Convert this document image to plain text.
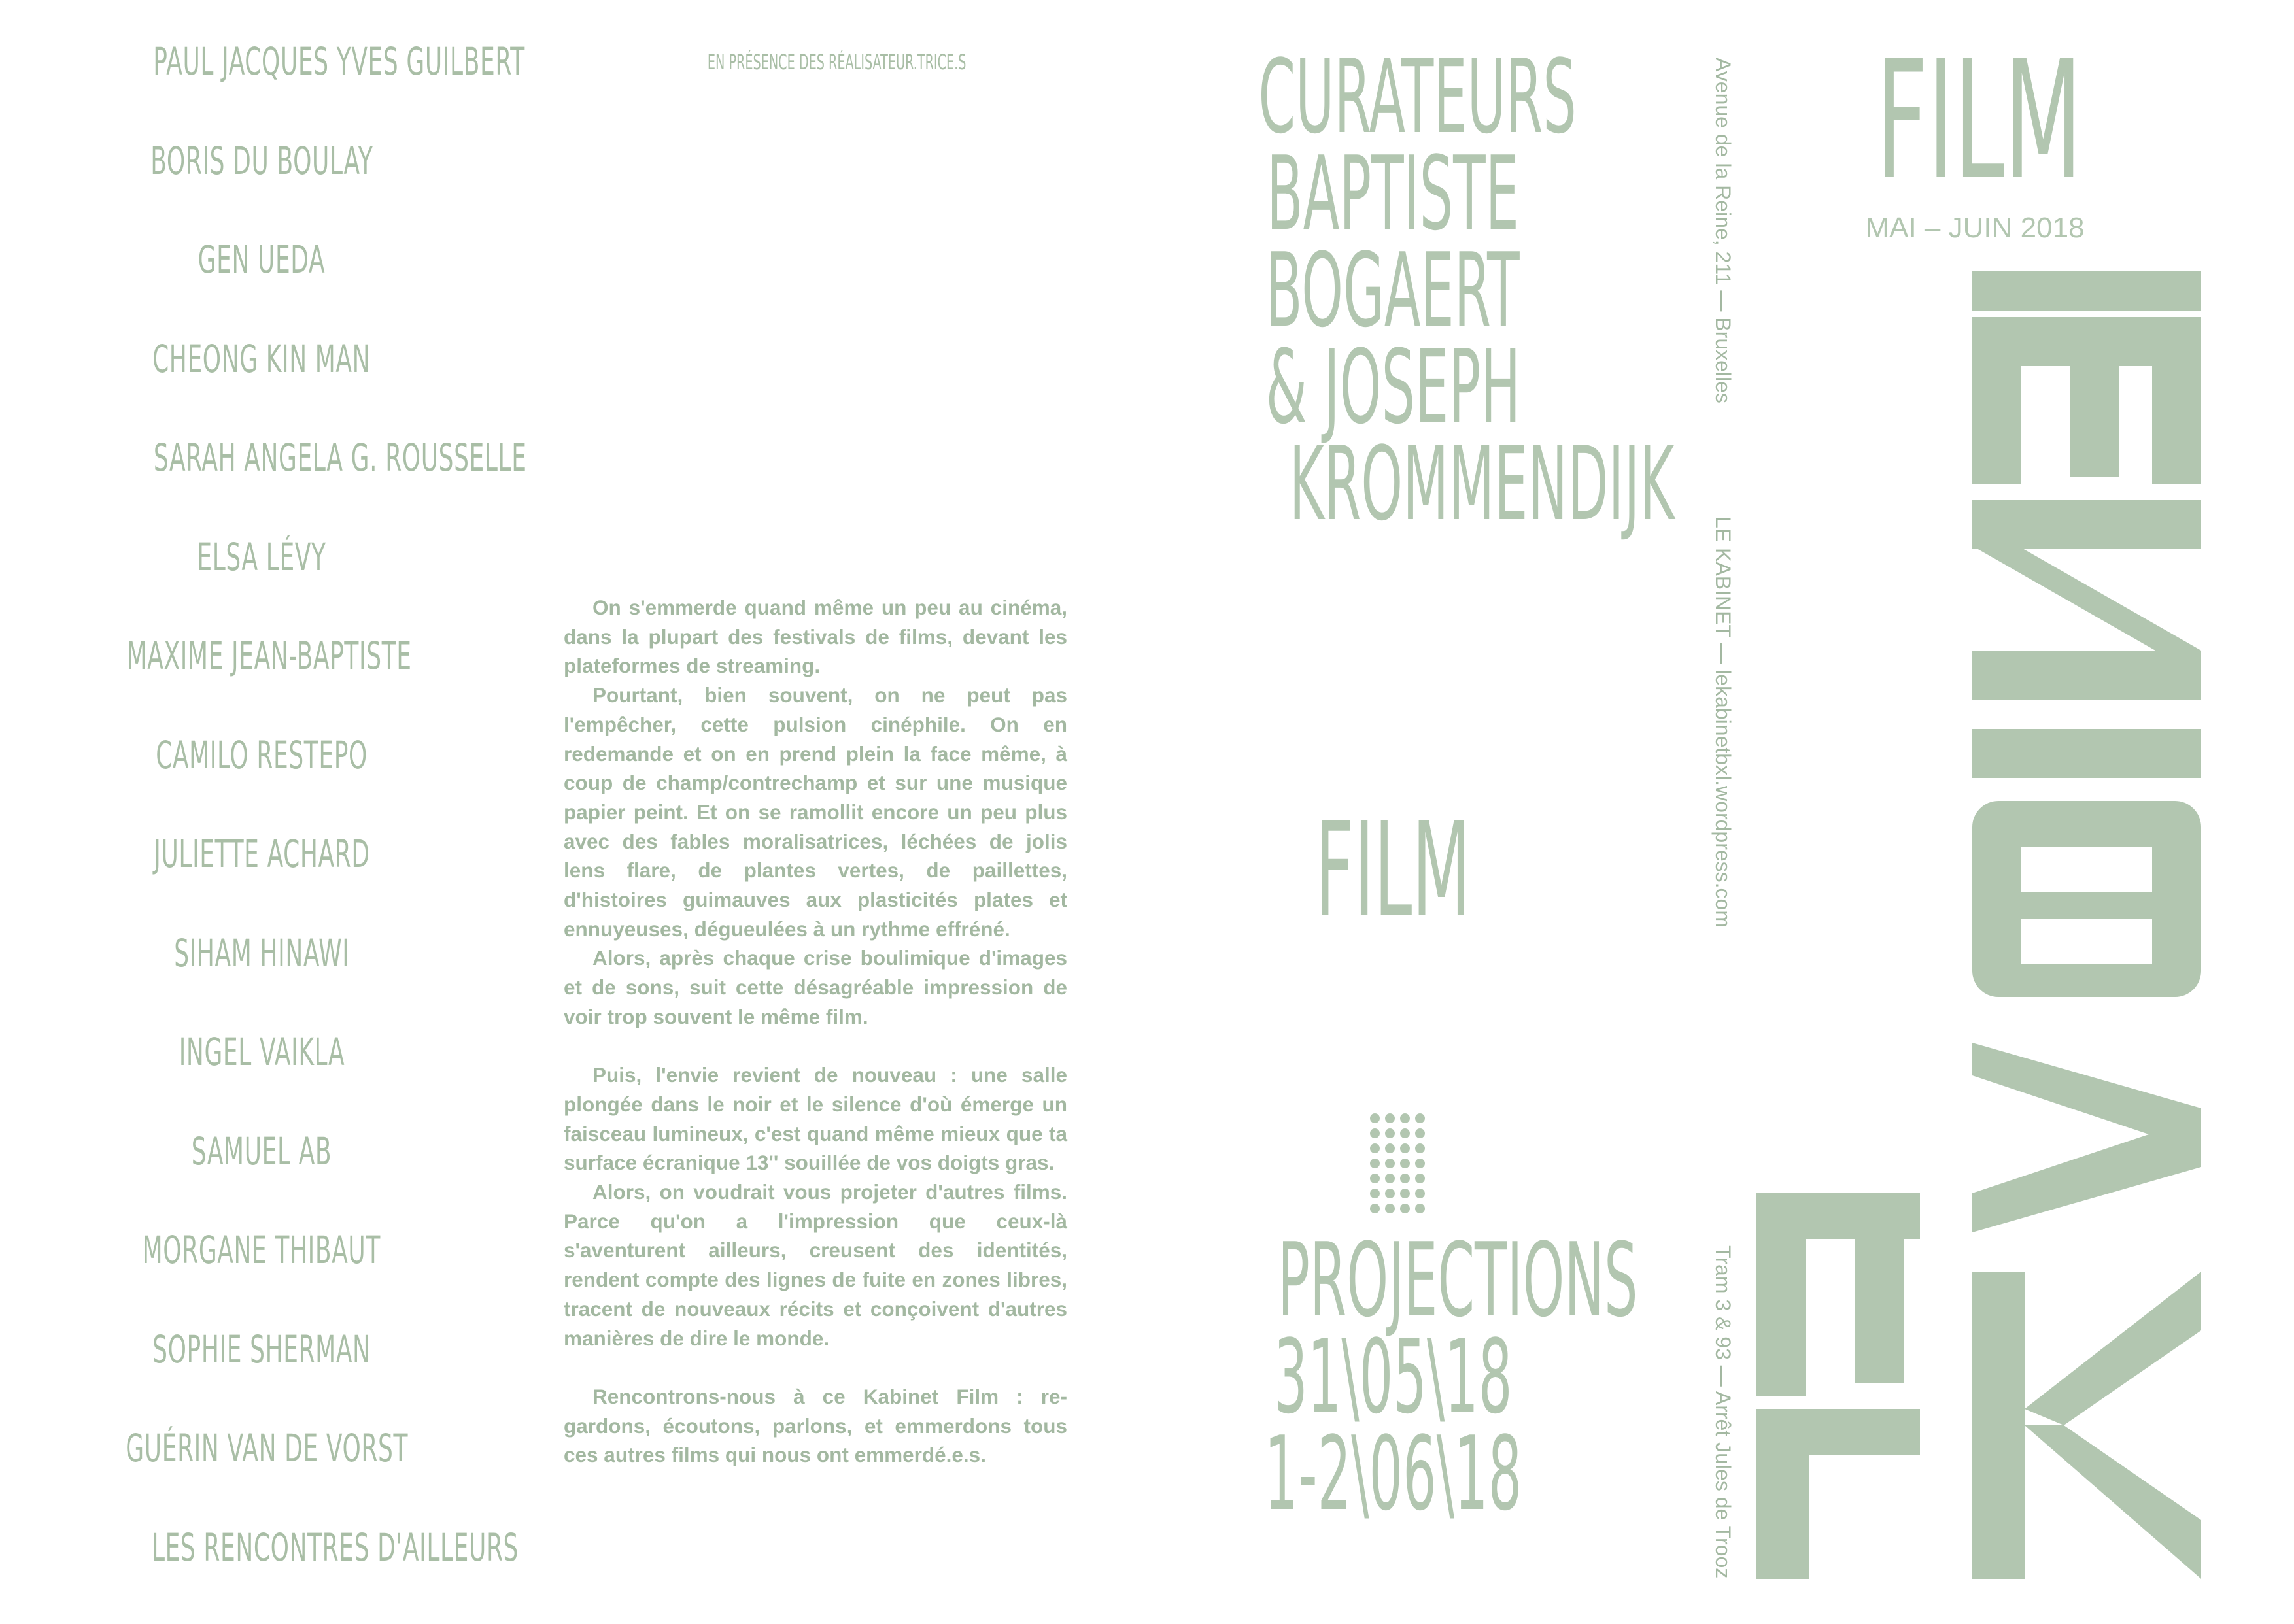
PAUL JACQUES YVES GUILBERT
BORIS DU BOULAY
GEN UEDA
CHEONG KIN MAN
SARAH ANGELA G. ROUSSELLE
ELSA LÉVY
MAXIME JEAN-BAPTISTE
CAMILO RESTEPO
JULIETTE ACHARD
SIHAM HINAWI
INGEL VAIKLA
SAMUEL AB
MORGANE THIBAUT
SOPHIE SHERMAN
GUÉRIN VAN DE VORST
LES RENCONTRES D'AILLEURS
EN PRÉSENCE DES RÉALISATEUR.TRICE.S

On s'emmerde quand même un peu au cinéma, dans la plupart des festivals de films, devant les plateformes de streaming.

Pourtant, bien souvent, on ne peut pas l'empêcher, cette pulsion cinéphile. On en redemande et on en prend plein la face même, à coup de champ/contrechamp et sur une musique papier peint. Et on se ramollit encore un peu plus avec des fables moralisatrices, léchées de jolis lens flare, de plantes vertes, de paillettes, d'histoires guimauves aux plasticités plates et ennuyeuses, dégueulées à un rythme effréné.

Alors, après chaque crise boulimique d'images et de sons, suit cette désagréable impression de voir trop souvent le même film.

Puis, l'envie revient de nouveau : une salle plongée dans le noir et le silence d'où émerge un faisceau lumineux, c'est quand même mieux que ta surface écranique 13'' souillée de vos doigts gras.

Alors, on voudrait vous projeter d'autres films. Parce qu'on a l'impression que ceux-là s'aventurent ailleurs, creusent des identités, rendent compte des lignes de fuite en zones libres, tracent de nouveaux récits et conçoivent d'autres manières de dire le monde.

Rencontrons-nous à ce Kabinet Film : regardons, écoutons, parlons, et emmerdons tous ces autres films qui nous ont emmerdé.e.s.

CURATEURS
BAPTISTE
BOGAERT
& JOSEPH
KROMMENDIJK
FILM
PROJECTIONS
31\05\18
1-2\06\18
Avenue de la Reine, 211 — Bruxelles
LE KABINET — lekabinetbxl.wordpress.com
Tram 3 & 93 — Arrêt Jules de Trooz
FILM
MAI – JUIN 2018
